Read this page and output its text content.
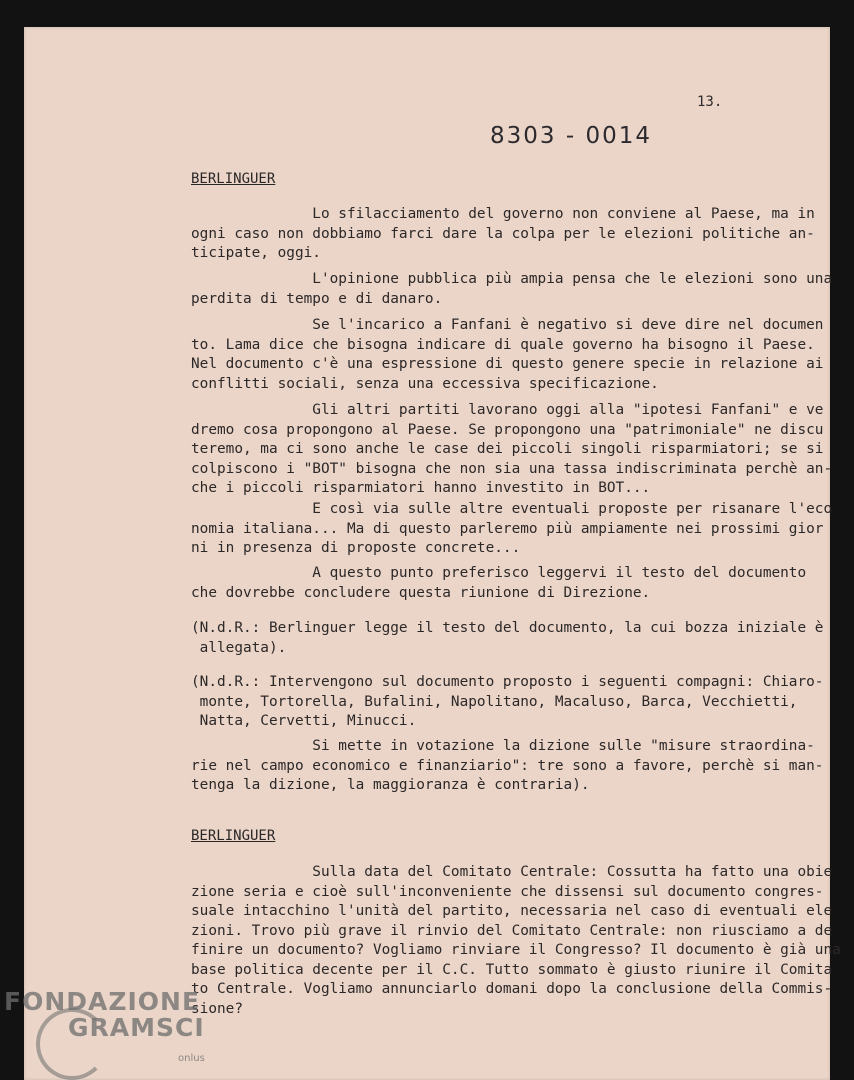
13.
8303 - 0014
BERLINGUER

Lo sfilacciamento del governo non conviene al Paese, ma
ogni caso non dobbiamo farci dare la colpa per le elezioni politiche
ticipate, oggi.

L'opinione pubblica più ampia pensa che le elezioni sono
perdita di tempo e di danaro.

Se l'incarico a Fanfani è negativo si deve dire nel
to. Lama dice che bisogna indicare di quale governo ha bisogno il
Nel documento c'è una espressione di questo genere specie in relazione
conflitti sociali, senza una eccessiva specificazione.

Gli altri partiti lavorano oggi alla "ipotesi Fanfani"
dremo cosa propongono al Paese. Se propongono una "patrimoniale" ne
teremo, ma ci sono anche le case dei piccoli singoli risparmiatori;
colpiscono i "BOT" bisogna che non sia una tassa indiscriminata perchè
che i piccoli risparmiatori hanno investito in BOT...

E così via sulle altre eventuali proposte per risanare
nomia italiana... Ma di questo parleremo più ampiamente nei prossimi
ni in presenza di proposte concrete...

A questo punto preferisco leggervi il testo del documento
che dovrebbe concludere questa riunione di Direzione.

(N.d.R.: Berlinguer legge il testo del documento, la cui bozza iniziale
allegata).

(N.d.R.: Intervengono sul documento proposto i seguenti compagni:
monte, Tortorella, Bufalini, Napolitano, Macaluso, Barca, Vecchietti,
Natta, Cervetti, Minucci.

Si mette in votazione la dizione sulle "misure straordina-
rie nel campo economico e finanziario": tre sono a favore, perchè si
tenga la dizione, la maggioranza è contraria).

BERLINGUER

Sulla data del Comitato Centrale: Cossutta ha fatto una
zione seria e cioè sull'inconveniente che dissensi sul documento
suale intacchino l'unità del partito, necessaria nel caso di eventuali
zioni. Trovo più grave il rinvio del Comitato Centrale: non riusciamo
finire un documento? Vogliamo rinviare il Congresso? Il documento è
base politica decente per il C.C. Tutto sommato è giusto riunire il
to Centrale. Vogliamo annunciarlo domani dopo la conclusione della
sione?

FONDAZIONE
GRAMSCI
onlus
